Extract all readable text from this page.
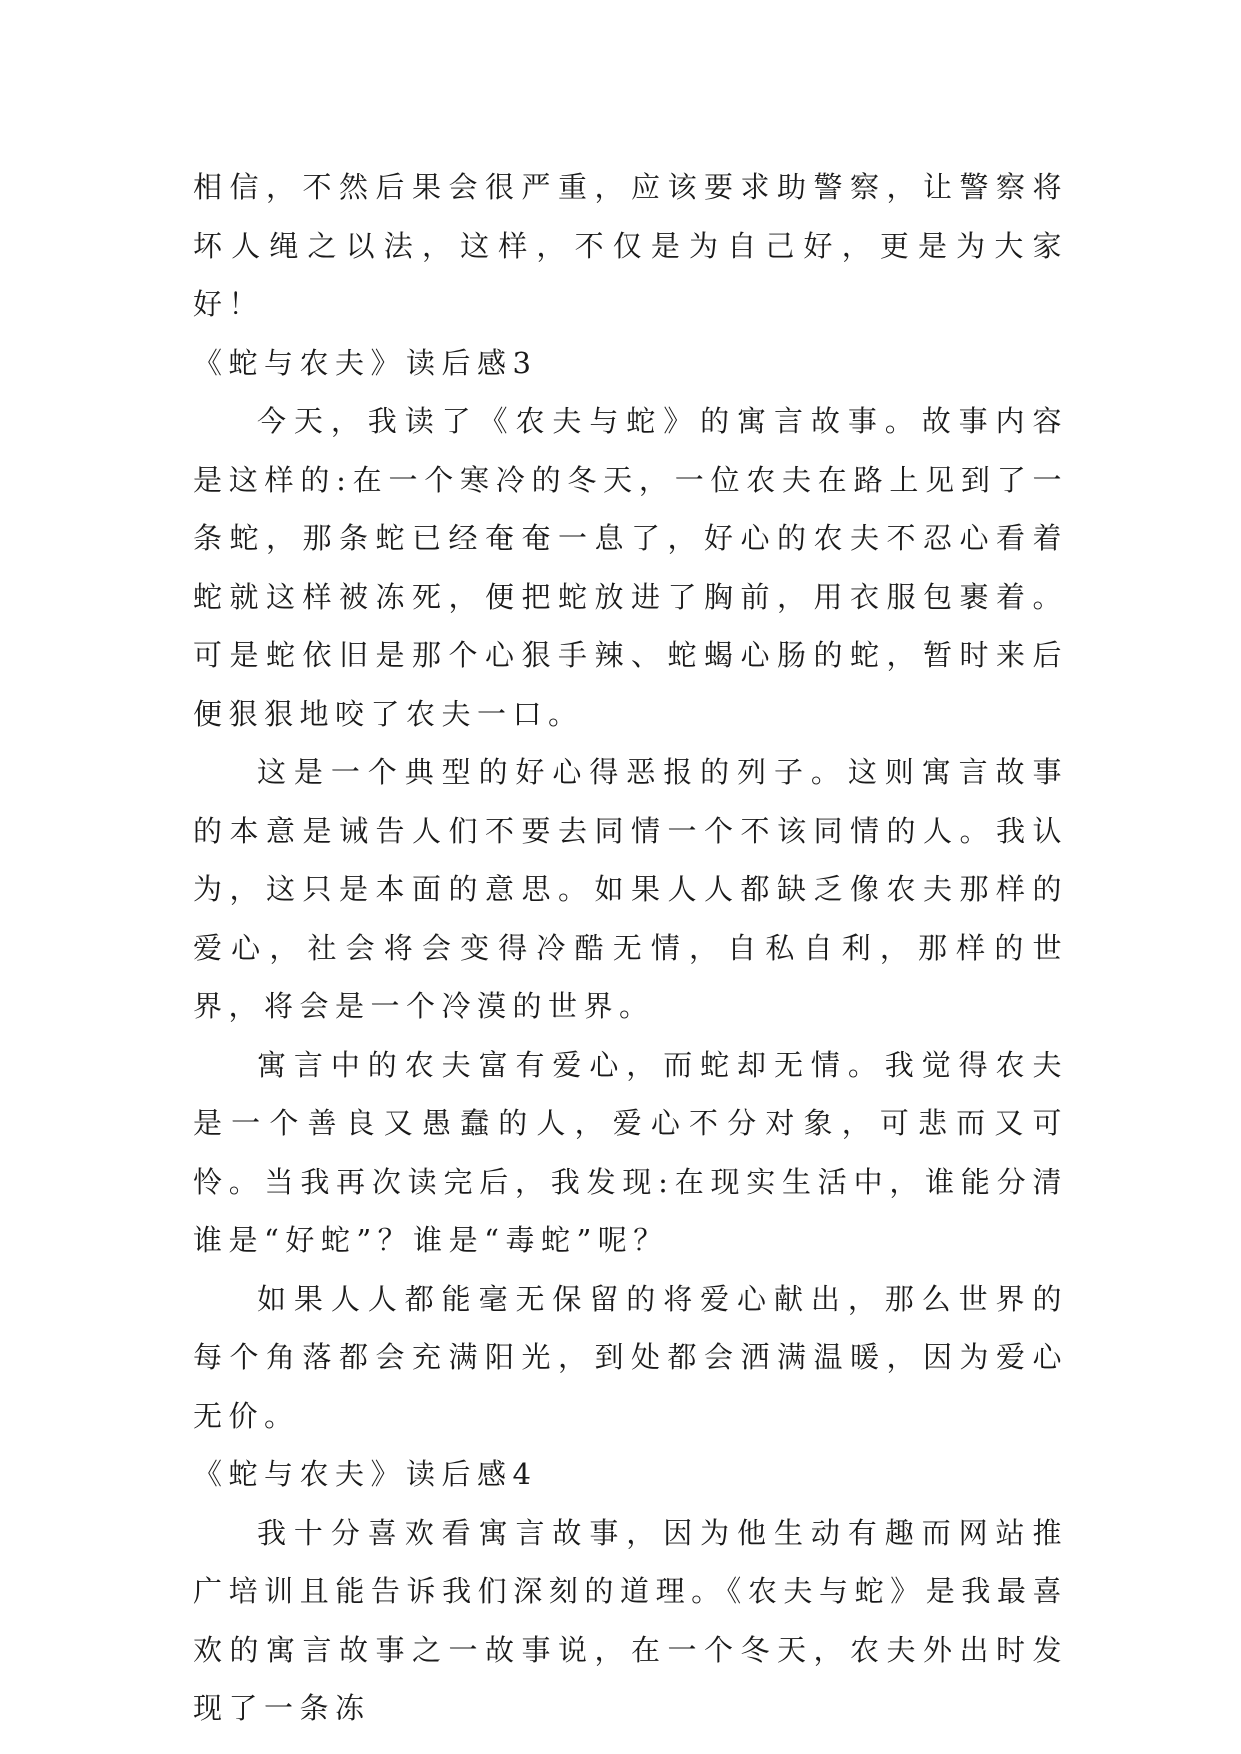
相信，不然后果会很严重，应该要求助警察，让警察将坏人绳之以法，这样，不仅是为自己好，更是为大家好！

《蛇与农夫》读后感3

今天，我读了《农夫与蛇》的寓言故事。故事内容是这样的:在一个寒冷的冬天，一位农夫在路上见到了一条蛇，那条蛇已经奄奄一息了，好心的农夫不忍心看着蛇就这样被冻死，便把蛇放进了胸前，用衣服包裹着。可是蛇依旧是那个心狠手辣、蛇蝎心肠的蛇，暂时来后便狠狠地咬了农夫一口。

这是一个典型的好心得恶报的列子。这则寓言故事的本意是诫告人们不要去同情一个不该同情的人。我认为，这只是本面的意思。如果人人都缺乏像农夫那样的爱心，社会将会变得冷酷无情，自私自利，那样的世界，将会是一个冷漠的世界。

寓言中的农夫富有爱心，而蛇却无情。我觉得农夫是一个善良又愚蠢的人，爱心不分对象，可悲而又可怜。当我再次读完后，我发现:在现实生活中，谁能分清谁是“好蛇”？谁是“毒蛇”呢？

如果人人都能毫无保留的将爱心献出，那么世界的每个角落都会充满阳光，到处都会洒满温暖，因为爱心无价。

《蛇与农夫》读后感4

我十分喜欢看寓言故事，因为他生动有趣而网站推广培训且能告诉我们深刻的道理。《农夫与蛇》是我最喜欢的寓言故事之一故事说，在一个冬天，农夫外出时发现了一条冻
